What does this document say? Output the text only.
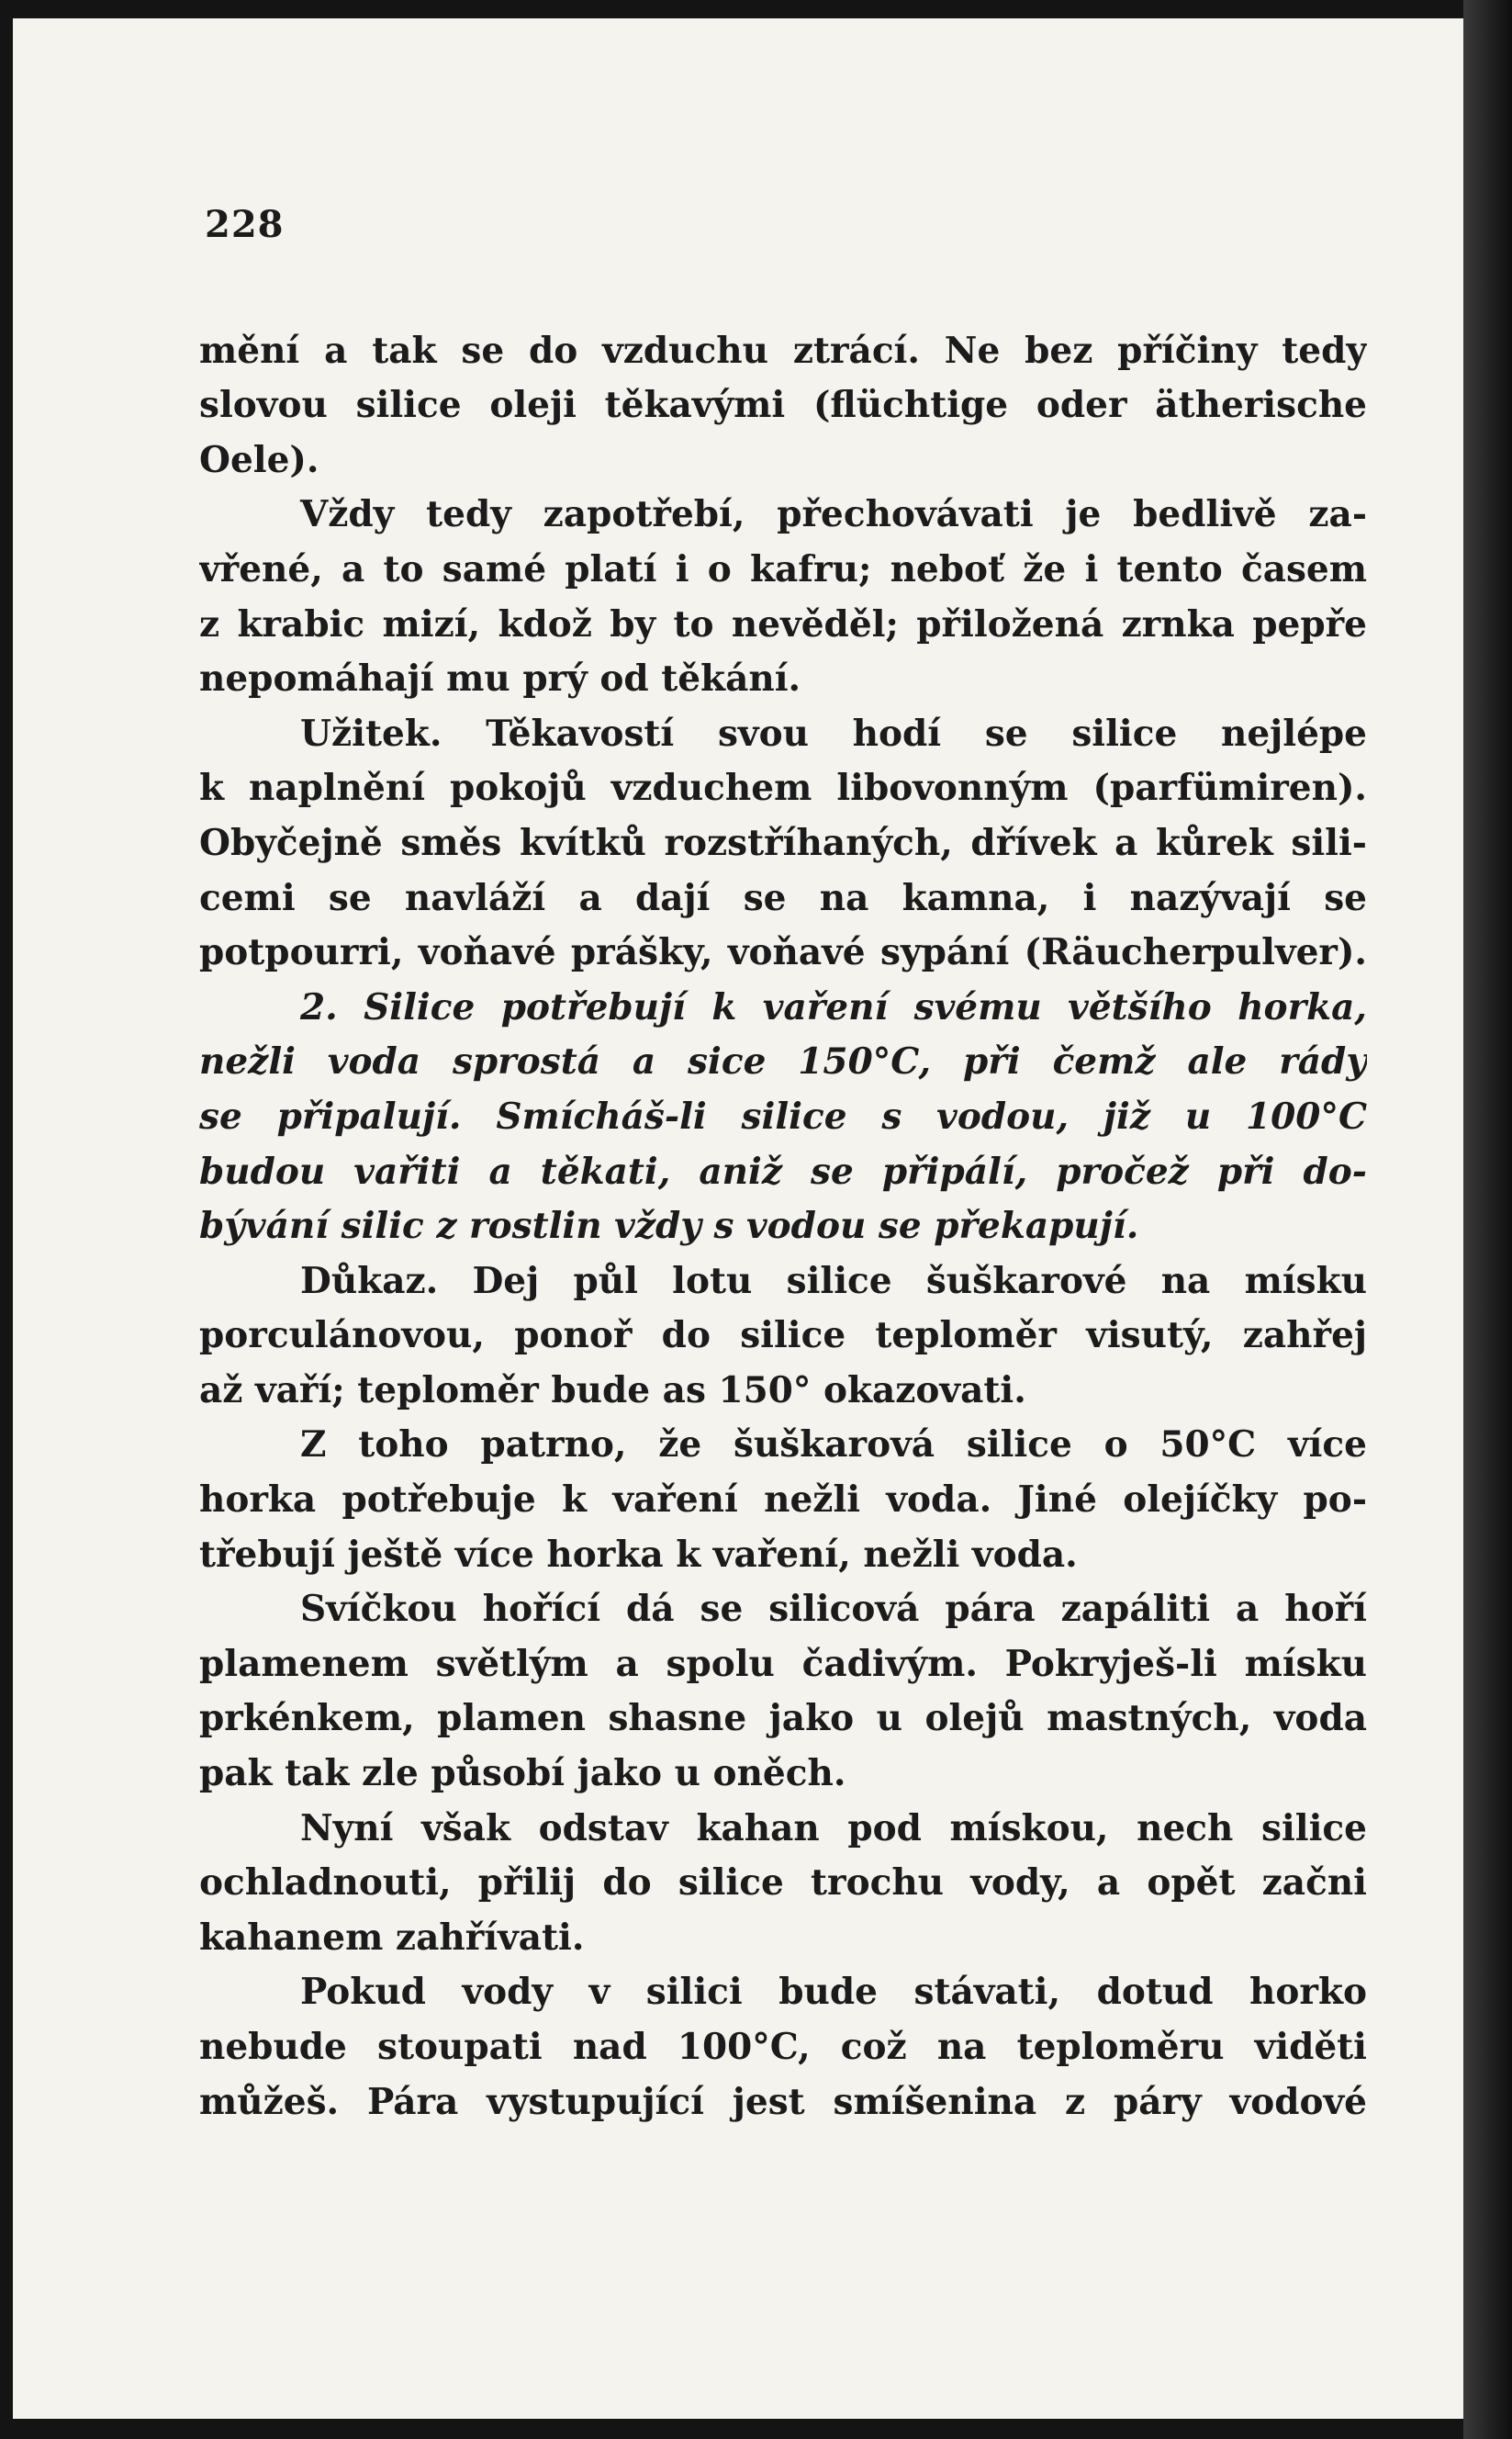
228
mění a tak se do vzduchu ztrácí. Ne bez příčiny tedy
slovou silice oleji těkavými (flüchtige oder ätherische
Oele).
Vždy tedy zapotřebí, přechovávati je bedlivě za-
vřené, a to samé platí i o kafru; neboť že i tento časem
z krabic mizí, kdož by to nevěděl; přiložená zrnka pepře
nepomáhají mu prý od těkání.
Užitek. Těkavostí svou hodí se silice nejlépe
k naplnění pokojů vzduchem libovonným (parfümiren).
Obyčejně směs kvítků rozstříhaných, dřívek a kůrek sili-
cemi se navláží a dají se na kamna, i nazývají se
potpourri, voňavé prášky, voňavé sypání (Räucherpulver).
2. Silice potřebují k vaření svému většího horka,
nežli voda sprostá a sice 150°C, při čemž ale rády
se připalují. Smícháš-li silice s vodou, již u 100°C
budou vařiti a těkati, aniž se připálí, pročež při do-
bývání silic z rostlin vždy s vodou se překapují.
Důkaz. Dej půl lotu silice šuškarové na mísku
porculánovou, ponoř do silice teploměr visutý, zahřej
až vaří; teploměr bude as 150° okazovati.
Z toho patrno, že šuškarová silice o 50°C více
horka potřebuje k vaření nežli voda. Jiné olejíčky po-
třebují ještě více horka k vaření, nežli voda.
Svíčkou hořící dá se silicová pára zapáliti a hoří
plamenem světlým a spolu čadivým. Pokryješ-li mísku
prkénkem, plamen shasne jako u olejů mastných, voda
pak tak zle působí jako u oněch.
Nyní však odstav kahan pod mískou, nech silice
ochladnouti, přilij do silice trochu vody, a opět začni
kahanem zahřívati.
Pokud vody v silici bude stávati, dotud horko
nebude stoupati nad 100°C, což na teploměru viděti
můžeš. Pára vystupující jest smíšenina z páry vodové
